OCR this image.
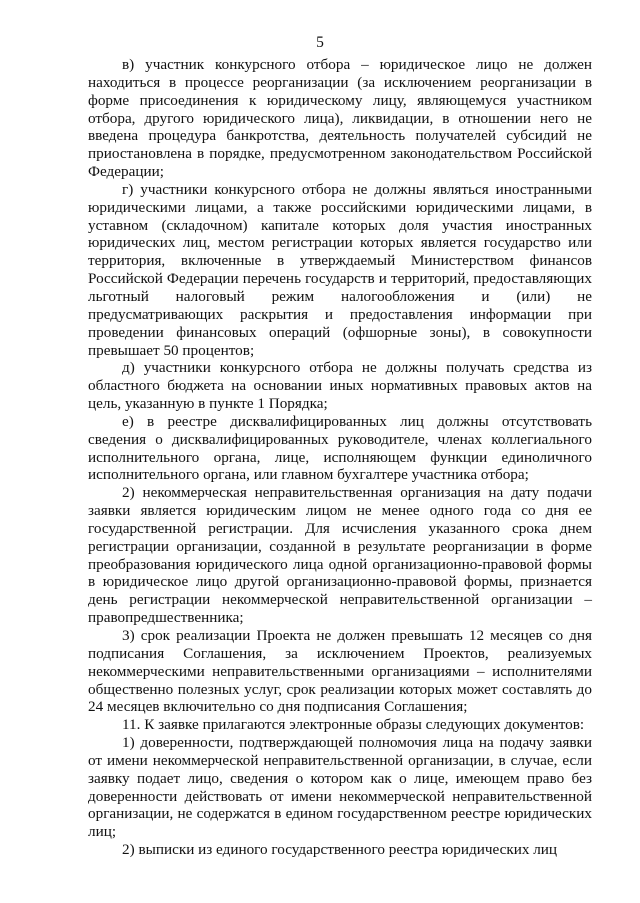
5

в) участник конкурсного отбора – юридическое лицо не должен находиться в процессе реорганизации (за исключением реорганизации в форме присоединения к юридическому лицу, являющемуся участником отбора, другого юридического лица), ликвидации, в отношении него не введена процедура банкротства, деятельность получателей субсидий не приостановлена в порядке, предусмотренном законодательством Российской Федерации;

г) участники конкурсного отбора не должны являться иностранными юридическими лицами, а также российскими юридическими лицами, в уставном (складочном) капитале которых доля участия иностранных юридических лиц, местом регистрации которых является государство или территория, включенные в утверждаемый Министерством финансов Российской Федерации перечень государств и территорий, предоставляющих льготный налоговый режим налогообложения и (или) не предусматривающих раскрытия и предоставления информации при проведении финансовых операций (офшорные зоны), в совокупности превышает 50 процентов;

д) участники конкурсного отбора не должны получать средства из областного бюджета на основании иных нормативных правовых актов на цель, указанную в пункте 1 Порядка;

е) в реестре дисквалифицированных лиц должны отсутствовать сведения о дисквалифицированных руководителе, членах коллегиального исполнительного органа, лице, исполняющем функции единоличного исполнительного органа, или главном бухгалтере участника отбора;

2) некоммерческая неправительственная организация на дату подачи заявки является юридическим лицом не менее одного года со дня ее государственной регистрации. Для исчисления указанного срока днем регистрации организации, созданной в результате реорганизации в форме преобразования юридического лица одной организационно-правовой формы в юридическое лицо другой организационно-правовой формы, признается день регистрации некоммерческой неправительственной организации – правопредшественника;

3) срок реализации Проекта не должен превышать 12 месяцев со дня подписания Соглашения, за исключением Проектов, реализуемых некоммерческими неправительственными организациями – исполнителями общественно полезных услуг, срок реализации которых может составлять до 24 месяцев включительно со дня подписания Соглашения;

11. К заявке прилагаются электронные образы следующих документов:

1) доверенности, подтверждающей полномочия лица на подачу заявки от имени некоммерческой неправительственной организации, в случае, если заявку подает лицо, сведения о котором как о лице, имеющем право без доверенности действовать от имени некоммерческой неправительственной организации, не содержатся в едином государственном реестре юридических лиц;

2) выписки из единого государственного реестра юридических лиц
